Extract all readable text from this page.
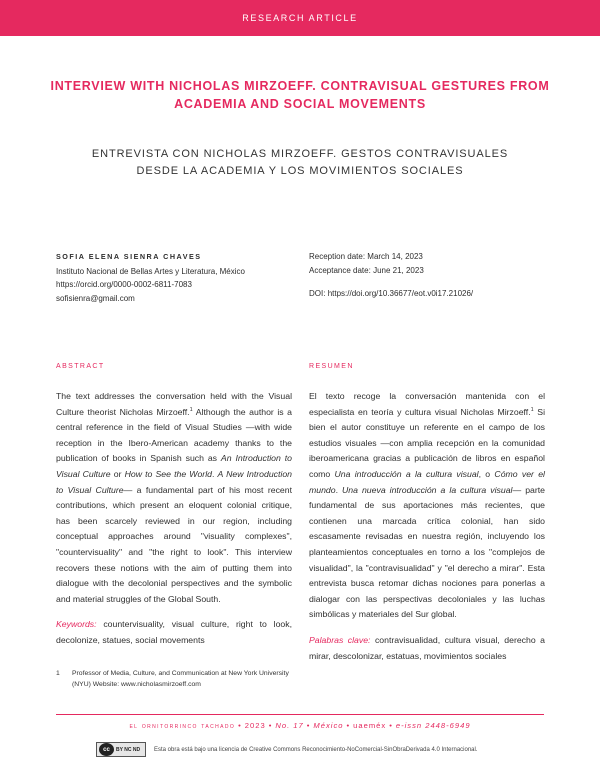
RESEARCH ARTICLE
INTERVIEW WITH NICHOLAS MIRZOEFF. CONTRAVISUAL GESTURES FROM ACADEMIA AND SOCIAL MOVEMENTS
ENTREVISTA CON NICHOLAS MIRZOEFF. GESTOS CONTRAVISUALES
DESDE LA ACADEMIA Y LOS MOVIMIENTOS SOCIALES
SOFIA ELENA SIENRA CHAVES
Instituto Nacional de Bellas Artes y Literatura, México
https://orcid.org/0000-0002-6811-7083
sofisienra@gmail.com
Reception date: March 14, 2023
Acceptance date: June 21, 2023
DOI: https://doi.org/10.36677/eot.v0i17.21026/
ABSTRACT	RESUMEN

The text addresses the conversation held with the Visual Culture theorist Nicholas Mirzoeff.$^1$ Although the author is a central reference in the field of Visual Studies —with wide reception in the Ibero-American academy thanks to the publication of books in Spanish such as An Introduction to Visual Culture or How to See the World. A New Introduction to Visual Culture— a fundamental part of his most recent contributions, which present an eloquent colonial critique, has been scarcely reviewed in our region, including conceptual approaches around "visuality complexes", "countervisuality" and "the right to look". This interview recovers these notions with the aim of putting them into dialogue with the decolonial perspectives and the symbolic and material struggles of the Global South.

Keywords: countervisuality, visual culture, right to look, decolonize, statues, social movements

El texto recoge la conversación mantenida con el especialista en teoría y cultura visual Nicholas Mirzoeff.$^1$ Si bien el autor constituye un referente en el campo de los estudios visuales —con amplia recepción en la comunidad iberoamericana gracias a publicación de libros en español como Una introducción a la cultura visual, o Cómo ver el mundo. Una nueva introducción a la cultura visual— parte fundamental de sus aportaciones más recientes, que contienen una marcada crítica colonial, han sido escasamente revisadas en nuestra región, incluyendo los planteamientos conceptuales en torno a los "complejos de visualidad", la "contravisualidad" y "el derecho a mirar". Esta entrevista busca retomar dichas nociones para ponerlas a dialogar con las perspectivas decoloniales y las luchas simbólicas y materiales del Sur global.

Palabras clave: contravisualidad, cultura visual, derecho a mirar, descolonizar, estatuas, movimientos sociales

1	Professor of Media, Culture, and Communication at New York University (NYU) Website: www.nicholasmirzoeff.com
el ornitorrinco tachado • 2023 • No. 17 • México • uaeméx • e-issn 2448-6949
cc	BY NC ND Esta obra está bajo una licencia de Creative Commons Reconocimiento-NoComercial-SinObraDerivada 4.0 Internacional.
